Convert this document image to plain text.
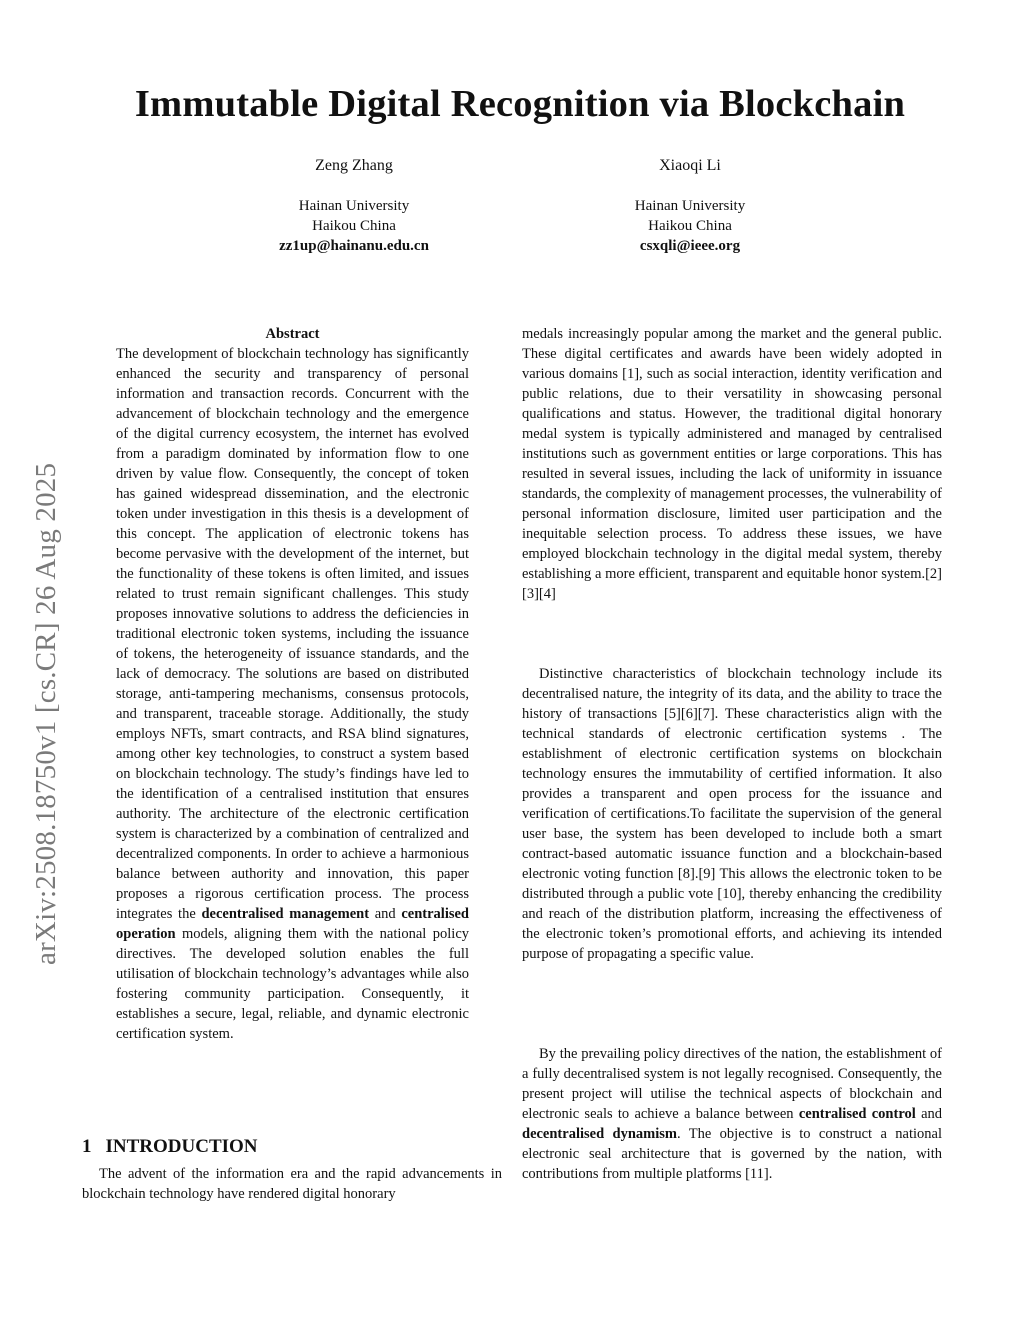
arXiv:2508.18750v1 [cs.CR] 26 Aug 2025
Immutable Digital Recognition via Blockchain
Zeng Zhang
Hainan University
Haikou China
zz1up@hainanu.edu.cn
Xiaoqi Li
Hainan University
Haikou China
csxqli@ieee.org

Abstract

The development of blockchain technology has significantly enhanced the security and transparency of personal information and transaction records. Concurrent with the advancement of blockchain technology and the emergence of the digital currency ecosystem, the internet has evolved from a paradigm dominated by information flow to one driven by value flow. Consequently, the concept of token has gained widespread dissemination, and the electronic token under investigation in this thesis is a development of this concept. The application of electronic tokens has become pervasive with the development of the internet, but the functionality of these tokens is often limited, and issues related to trust remain significant challenges. This study proposes innovative solutions to address the deficiencies in traditional electronic token systems, including the issuance of tokens, the heterogeneity of issuance standards, and the lack of democracy. The solutions are based on distributed storage, anti-tampering mechanisms, consensus protocols, and transparent, traceable storage. Additionally, the study employs NFTs, smart contracts, and RSA blind signatures, among other key technologies, to construct a system based on blockchain technology. The study’s findings have led to the identification of a centralised institution that ensures authority. The architecture of the electronic certification system is characterized by a combination of centralized and decentralized components. In order to achieve a harmonious balance between authority and innovation, this paper proposes a rigorous certification process. The process integrates the decentralised management and centralised operation models, aligning them with the national policy directives. The developed solution enables the full utilisation of blockchain technology’s advantages while also fostering community participation. Consequently, it establishes a secure, legal, reliable, and dynamic electronic certification system.

1 INTRODUCTION

The advent of the information era and the rapid advancements in blockchain technology have rendered digital honorary

medals increasingly popular among the market and the general public. These digital certificates and awards have been widely adopted in various domains [1], such as social interaction, identity verification and public relations, due to their versatility in showcasing personal qualifications and status. However, the traditional digital honorary medal system is typically administered and managed by centralised institutions such as government entities or large corporations. This has resulted in several issues, including the lack of uniformity in issuance standards, the complexity of management processes, the vulnerability of personal information disclosure, limited user participation and the inequitable selection process. To address these issues, we have employed blockchain technology in the digital medal system, thereby establishing a more efficient, transparent and equitable honor system.[2][3][4]

Distinctive characteristics of blockchain technology include its decentralised nature, the integrity of its data, and the ability to trace the history of transactions [5][6][7]. These characteristics align with the technical standards of electronic certification systems . The establishment of electronic certification systems on blockchain technology ensures the immutability of certified information. It also provides a transparent and open process for the issuance and verification of certifications.To facilitate the supervision of the general user base, the system has been developed to include both a smart contract-based automatic issuance function and a blockchain-based electronic voting function [8].[9] This allows the electronic token to be distributed through a public vote [10], thereby enhancing the credibility and reach of the distribution platform, increasing the effectiveness of the electronic token’s promotional efforts, and achieving its intended purpose of propagating a specific value.

By the prevailing policy directives of the nation, the establishment of a fully decentralised system is not legally recognised. Consequently, the present project will utilise the technical aspects of blockchain and electronic seals to achieve a balance between centralised control and decentralised dynamism. The objective is to construct a national electronic seal architecture that is governed by the nation, with contributions from multiple platforms [11].
